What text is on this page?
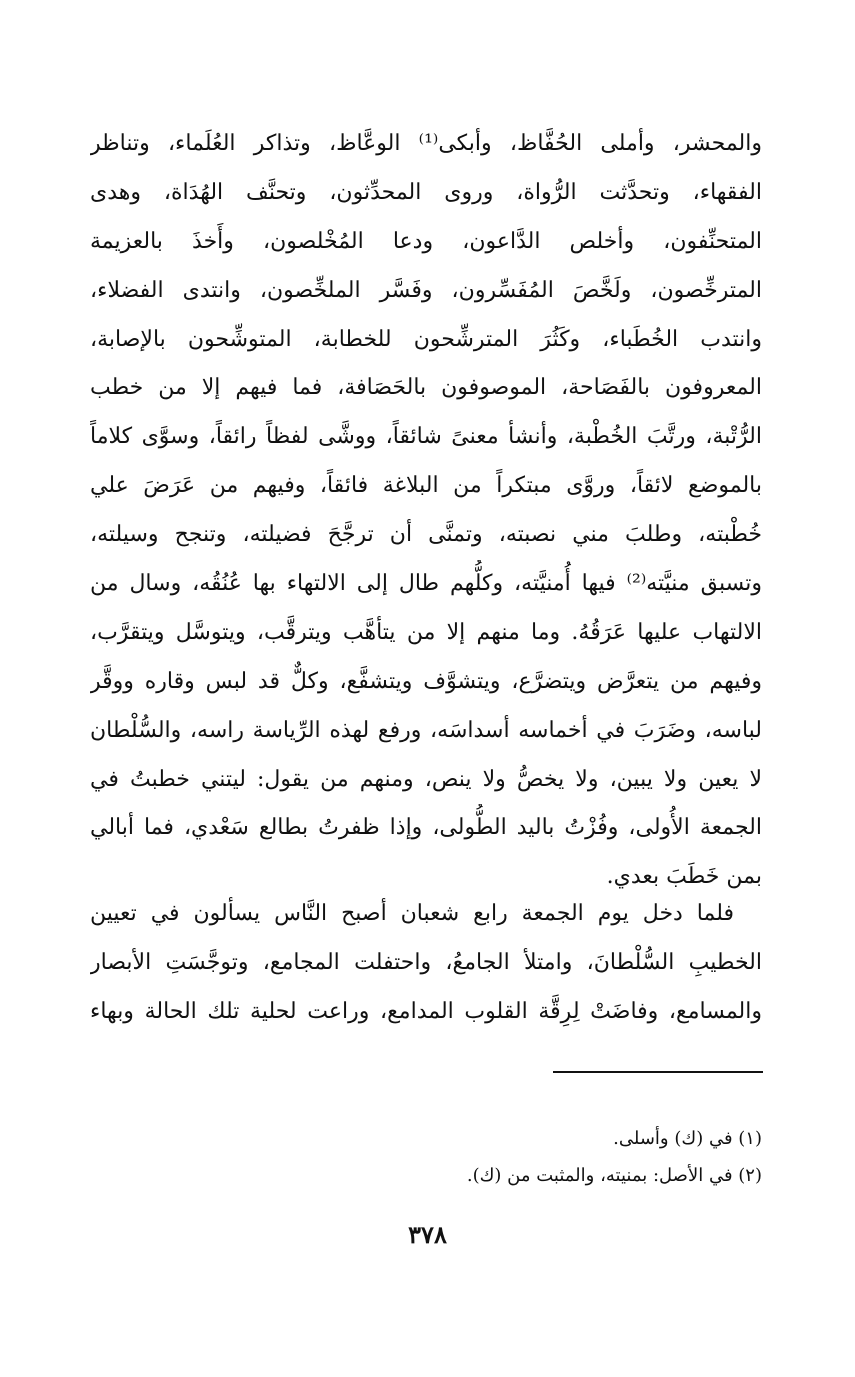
والمحشر، وأملى الحُفَّاظ، وأبكى⁽¹⁾ الوعَّاظ، وتذاكر العُلَماء، وتناظر
الفقهاء، وتحدَّثت الرُّواة، وروى المحدِّثون، وتحنَّف الهُدَاة، وهدى
المتحنِّفون، وأخلص الدَّاعون، ودعا المُخْلصون، وأَخذَ بالعزيمة
المترخِّصون، ولَخَّصَ المُفَسِّرون، وفَسَّر الملخِّصون، وانتدى الفضلاء،
وانتدب الخُطَباء، وكَثُرَ المترشِّحون للخطابة، المتوشِّحون بالإصابة،
المعروفون بالفَصَاحة، الموصوفون بالحَصَافة، فما فيهم إلا من خطب
الرُّتْبة، ورتَّبَ الخُطْبة، وأنشأ معنىً شائقاً، ووشَّى لفظاً رائقاً، وسوَّى كلاماً
بالموضع لائقاً، وروَّى مبتكراً من البلاغة فائقاً، وفيهم من عَرَضَ علي
خُطْبته، وطلبَ مني نصبته، وتمنَّى أن ترجَّحَ فضيلته، وتنجح وسيلته،
وتسبق منيَّته⁽²⁾ فيها أُمنيَّته، وكلُّهم طال إلى الالتهاء بها عُنُقُه، وسال من
الالتهاب عليها عَرَقُهُ. وما منهم إلا من يتأهَّب ويترقَّب، ويتوسَّل ويتقرَّب،
وفيهم من يتعرَّض ويتضرَّع، ويتشوَّف ويتشفَّع، وكلٌّ قد لبس وقاره ووقَّر
لباسه، وضَرَبَ في أخماسه أسداسَه، ورفع لهذه الرِّياسة راسه، والسُّلْطان
لا يعين ولا يبين، ولا يخصُّ ولا ينص، ومنهم من يقول: ليتني خطبتُ في
الجمعة الأُولى، وفُزْتُ باليد الطُّولى، وإذا ظفرتُ بطالع سَعْدي، فما أبالي
بمن خَطَبَ بعدي.
فلما دخل يوم الجمعة رابع شعبان أصبح النَّاس يسألون في تعيين
الخطيبِ السُّلْطانَ، وامتلأ الجامعُ، واحتفلت المجامع، وتوجَّسَتِ الأبصار
والمسامع، وفاضَتْ لِرِقَّة القلوب المدامع، وراعت لحلية تلك الحالة وبهاء
(١) في (ك) وأسلى.
(٢) في الأصل: بمنيته، والمثبت من (ك).
٣٧٨
